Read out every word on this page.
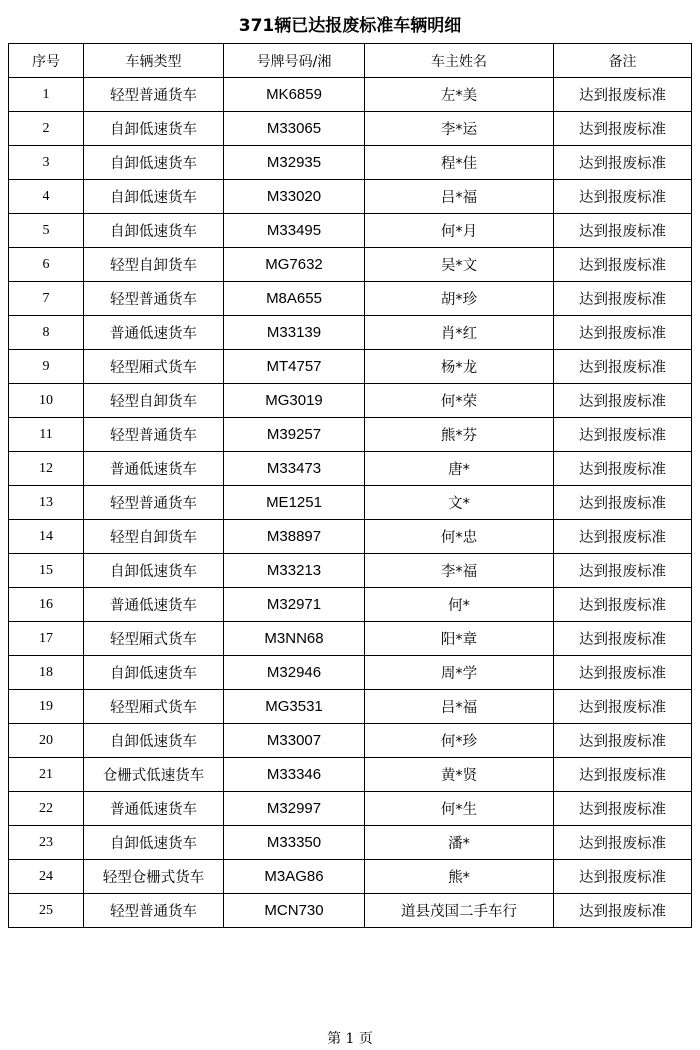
371辆已达报废标准车辆明细
序号	车辆类型	号牌号码/湘	车主姓名	备注
1	轻型普通货车	MK6859	左*美	达到报废标准
2	自卸低速货车	M33065	李*运	达到报废标准
3	自卸低速货车	M32935	程*佳	达到报废标准
4	自卸低速货车	M33020	吕*福	达到报废标准
5	自卸低速货车	M33495	何*月	达到报废标准
6	轻型自卸货车	MG7632	吴*文	达到报废标准
7	轻型普通货车	M8A655	胡*珍	达到报废标准
8	普通低速货车	M33139	肖*红	达到报废标准
9	轻型厢式货车	MT4757	杨*龙	达到报废标准
10	轻型自卸货车	MG3019	何*荣	达到报废标准
11	轻型普通货车	M39257	熊*芬	达到报废标准
12	普通低速货车	M33473	唐*	达到报废标准
13	轻型普通货车	ME1251	文*	达到报废标准
14	轻型自卸货车	M38897	何*忠	达到报废标准
15	自卸低速货车	M33213	李*福	达到报废标准
16	普通低速货车	M32971	何*	达到报废标准
17	轻型厢式货车	M3NN68	阳*章	达到报废标准
18	自卸低速货车	M32946	周*学	达到报废标准
19	轻型厢式货车	MG3531	吕*福	达到报废标准
20	自卸低速货车	M33007	何*珍	达到报废标准
21	仓栅式低速货车	M33346	黄*贤	达到报废标准
22	普通低速货车	M32997	何*生	达到报废标准
23	自卸低速货车	M33350	潘*	达到报废标准
24	轻型仓栅式货车	M3AG86	熊*	达到报废标准
25	轻型普通货车	MCN730	道县茂国二手车行	达到报废标准
第 1 页
